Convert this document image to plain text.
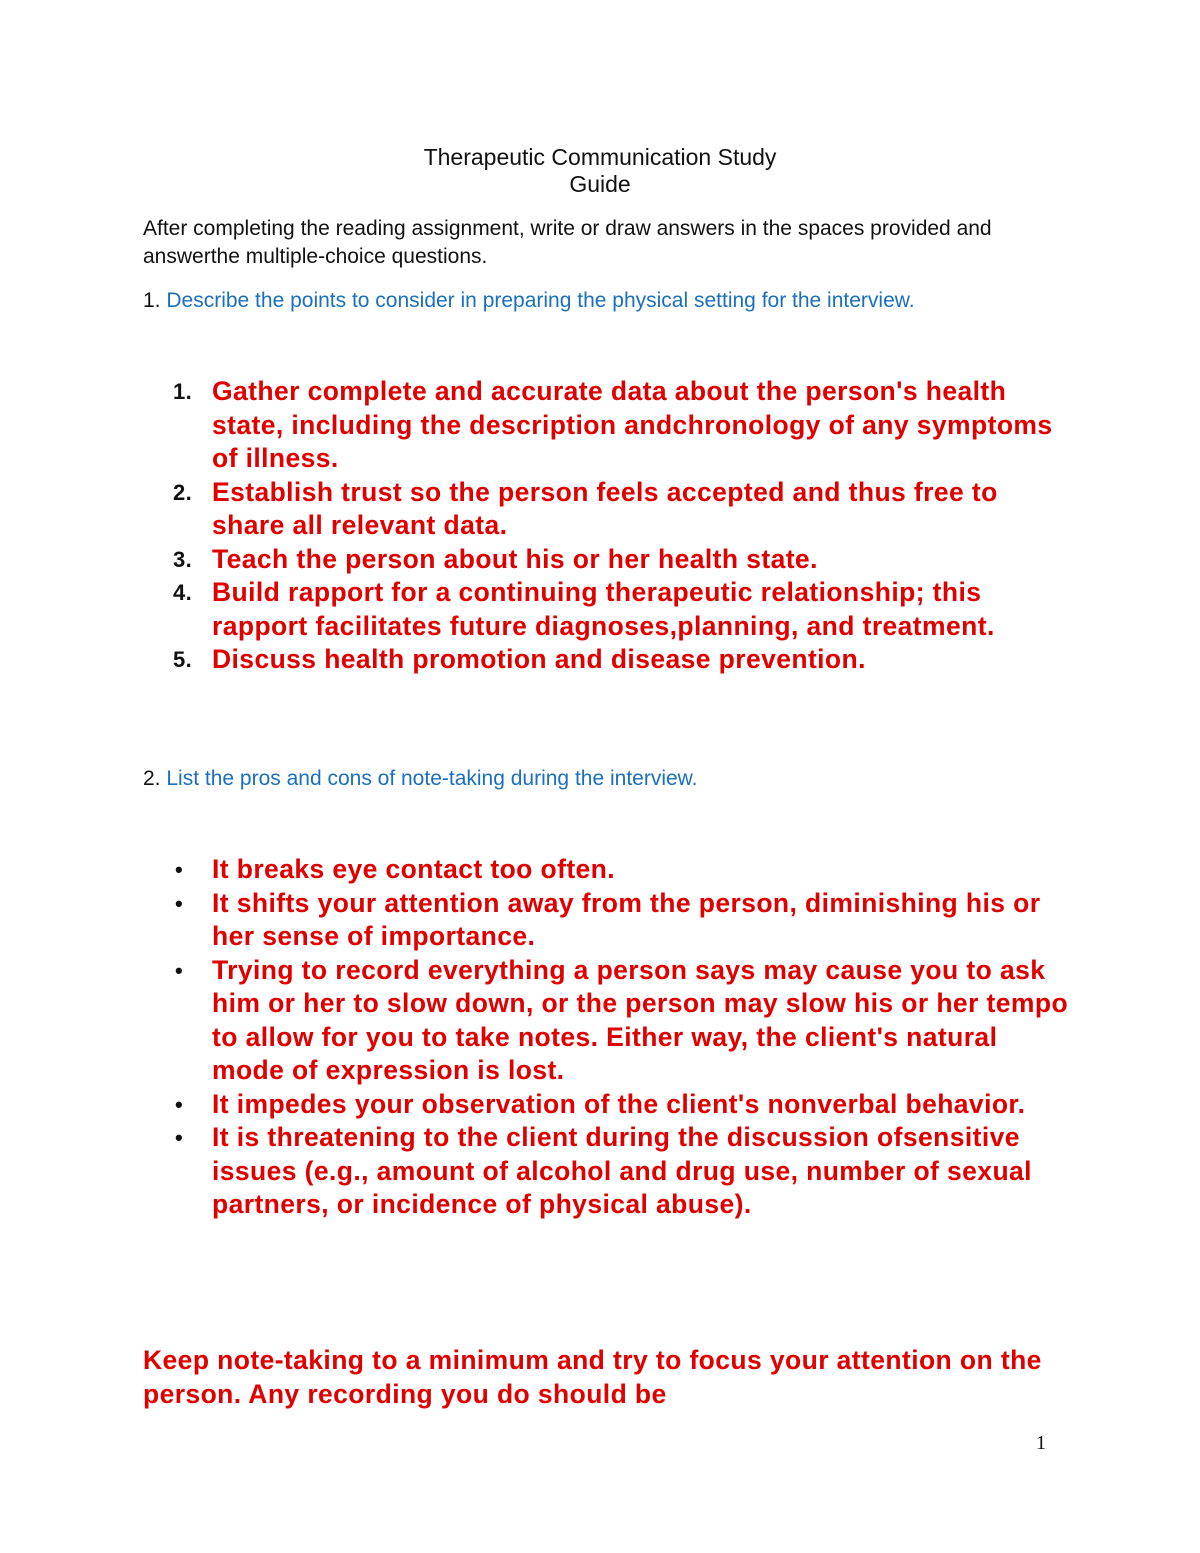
Therapeutic Communication Study
Guide
After completing the reading assignment, write or draw answers in the spaces provided and answerthe multiple-choice questions.
1. Describe the points to consider in preparing the physical setting for the interview.
1. Gather complete and accurate data about the person's health state, including the description andchronology of any symptoms of illness.
2. Establish trust so the person feels accepted and thus free to share all relevant data.
3. Teach the person about his or her health state.
4. Build rapport for a continuing therapeutic relationship; this rapport facilitates future diagnoses,planning, and treatment.
5. Discuss health promotion and disease prevention.
2. List the pros and cons of note-taking during the interview.
• It breaks eye contact too often.
• It shifts your attention away from the person, diminishing his or her sense of importance.
• Trying to record everything a person says may cause you to ask him or her to slow down, or the person may slow his or her tempo to allow for you to take notes. Either way, the client's natural mode of expression is lost.
• It impedes your observation of the client's nonverbal behavior.
• It is threatening to the client during the discussion ofsensitive issues (e.g., amount of alcohol and drug use, number of sexual partners, or incidence of physical abuse).
Keep note-taking to a minimum and try to focus your attention on the person. Any recording you do should be
1
